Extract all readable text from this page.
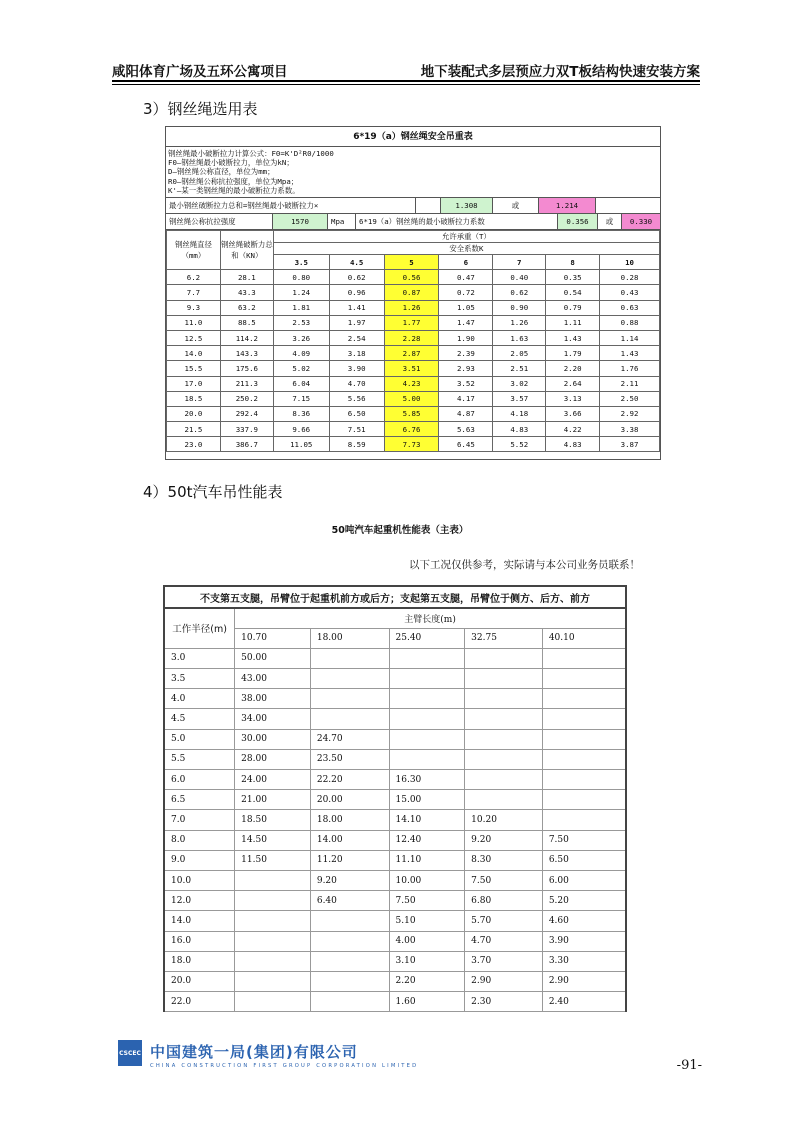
咸阳体育广场及五环公寓项目	地下装配式多层预应力双T板结构快速安装方案
3）钢丝绳选用表
6*19（a）钢丝绳安全吊重表
钢丝绳最小破断拉力计算公式：F0=K'D²R0/1000
F0—钢丝绳最小破断拉力，单位为kN；
D—钢丝绳公称直径，单位为mm；
R0—钢丝绳公称抗拉强度，单位为Mpa；
K'—某一类钢丝绳的最小破断拉力系数。
最小钢丝破断拉力总和=钢丝绳最小破断拉力×	1.308	或	1.214
钢丝绳公称抗拉强度	1570	Mpa	6*19（a）钢丝绳的最小破断拉力系数	0.356	或	0.330
钢丝绳直径（mm）	钢丝绳破断力总和（KN）	允许承重（T）						
		安全系数K						
		3.5	4.5	5	6	7	8	10
6.2	28.1	0.80	0.62	0.56	0.47	0.40	0.35	0.28
7.7	43.3	1.24	0.96	0.87	0.72	0.62	0.54	0.43
9.3	63.2	1.81	1.41	1.26	1.05	0.90	0.79	0.63
11.0	88.5	2.53	1.97	1.77	1.47	1.26	1.11	0.88
12.5	114.2	3.26	2.54	2.28	1.90	1.63	1.43	1.14
14.0	143.3	4.09	3.18	2.87	2.39	2.05	1.79	1.43
15.5	175.6	5.02	3.90	3.51	2.93	2.51	2.20	1.76
17.0	211.3	6.04	4.70	4.23	3.52	3.02	2.64	2.11
18.5	250.2	7.15	5.56	5.00	4.17	3.57	3.13	2.50
20.0	292.4	8.36	6.50	5.85	4.87	4.18	3.66	2.92
21.5	337.9	9.66	7.51	6.76	5.63	4.83	4.22	3.38
23.0	386.7	11.05	8.59	7.73	6.45	5.52	4.83	3.87
4）50t汽车吊性能表
50吨汽车起重机性能表（主表）
以下工况仅供参考，实际请与本公司业务员联系！
不支第五支腿，吊臂位于起重机前方或后方；支起第五支腿，吊臂位于侧方、后方、前方					
工作半径(m)	主臂长度(m)				
	10.70	18.00	25.40	32.75	40.10
3.0	50.00				
3.5	43.00				
4.0	38.00				
4.5	34.00				
5.0	30.00	24.70			
5.5	28.00	23.50			
6.0	24.00	22.20	16.30		
6.5	21.00	20.00	15.00		
7.0	18.50	18.00	14.10	10.20	
8.0	14.50	14.00	12.40	9.20	7.50
9.0	11.50	11.20	11.10	8.30	6.50
10.0		9.20	10.00	7.50	6.00
12.0		6.40	7.50	6.80	5.20
14.0			5.10	5.70	4.60
16.0			4.00	4.70	3.90
18.0			3.10	3.70	3.30
20.0			2.20	2.90	2.90
22.0			1.60	2.30	2.40
CSCEC 中国建筑一局(集团)有限公司
CHINA CONSTRUCTION FIRST GROUP CORPORATION LIMITED	-91-
